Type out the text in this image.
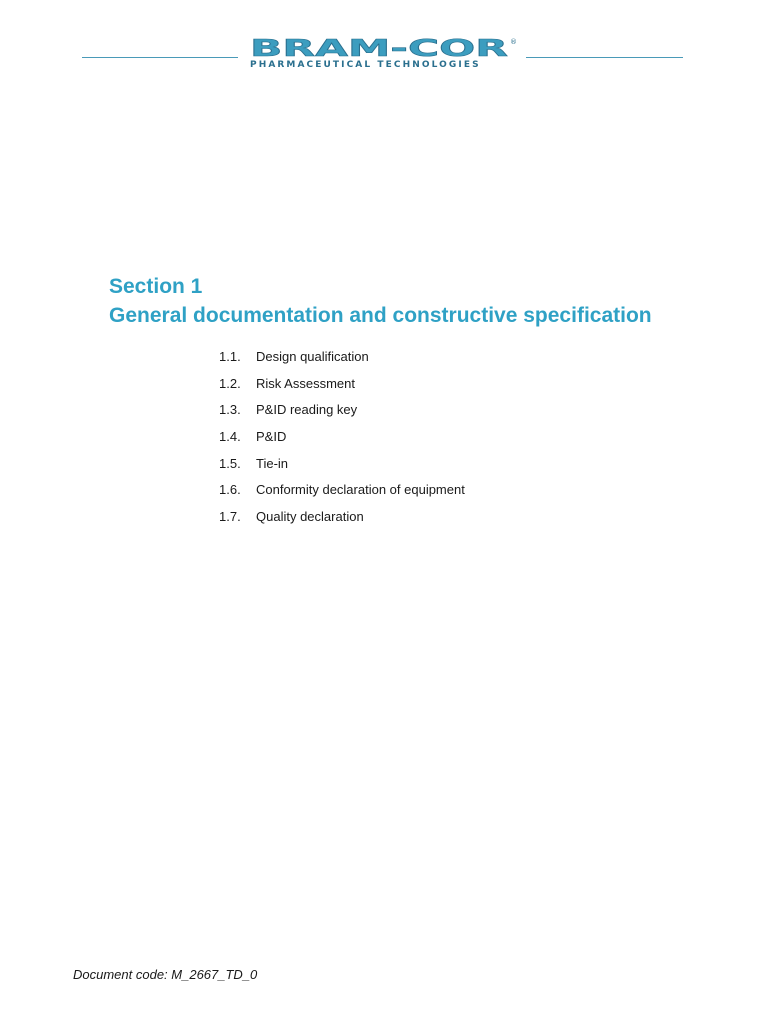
BRAM-COR ®
PHARMACEUTICAL TECHNOLOGIES
Section 1
General documentation and constructive specification
1.1. Design qualification
1.2. Risk Assessment
1.3. P&ID reading key
1.4. P&ID
1.5. Tie-in
1.6. Conformity declaration of equipment
1.7. Quality declaration
Document code: M_2667_TD_0
